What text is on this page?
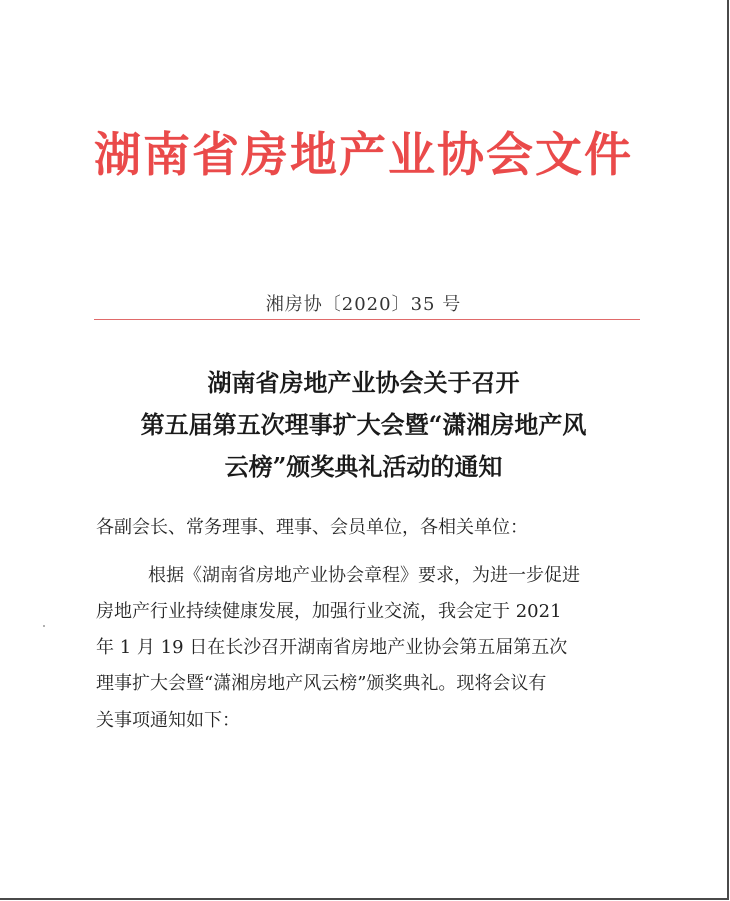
湖南省房地产业协会文件
湘房协〔2020〕35 号
湖南省房地产业协会关于召开
第五届第五次理事扩大会暨“潇湘房地产风
云榜”颁奖典礼活动的通知
各副会长、常务理事、理事、会员单位，各相关单位：
根据《湖南省房地产业协会章程》要求，为进一步促进
房地产行业持续健康发展，加强行业交流，我会定于 2021
年 1 月 19 日在长沙召开湖南省房地产业协会第五届第五次
理事扩大会暨“潇湘房地产风云榜”颁奖典礼。现将会议有
关事项通知如下：
